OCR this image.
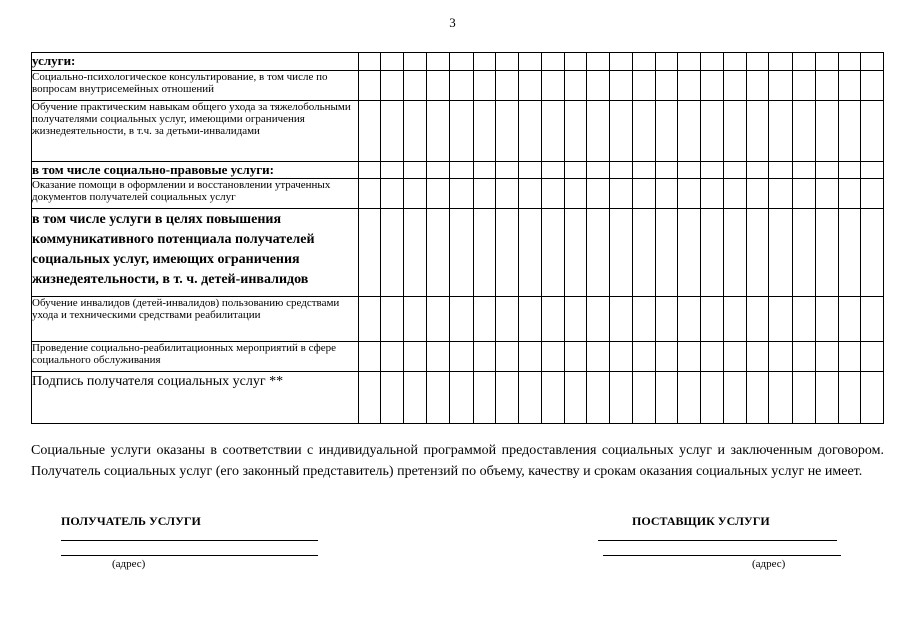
3
услуги:																							
Социально-психологическое консультирование, в том числе по вопросам внутрисемейных отношений																							
Обучение практическим навыкам общего ухода за тяжелобольными получателями социальных услуг, имеющими ограничения жизнедеятельности, в т.ч. за детьми-инвалидами																							
в том числе социально-правовые услуги:																							
Оказание помощи в оформлении и восстановлении утраченных документов получателей социальных услуг																							
в том числе услуги в целях повышения коммуникативного потенциала получателей социальных услуг, имеющих ограничения жизнедеятельности, в т. ч. детей-инвалидов																							
Обучение инвалидов (детей-инвалидов) пользованию средствами ухода и техническими средствами реабилитации																							
Проведение социально-реабилитационных мероприятий в сфере социального обслуживания																							
Подпись получателя социальных услуг **																							

Социальные услуги оказаны в соответствии с индивидуальной программой предоставления социальных услуг и заключенным договором. Получатель социальных услуг (его законный представитель) претензий по объему, качеству и срокам оказания социальных услуг не имеет.

ПОЛУЧАТЕЛЬ УСЛУГИ
(адрес)
ПОСТАВЩИК УСЛУГИ
(адрес)
